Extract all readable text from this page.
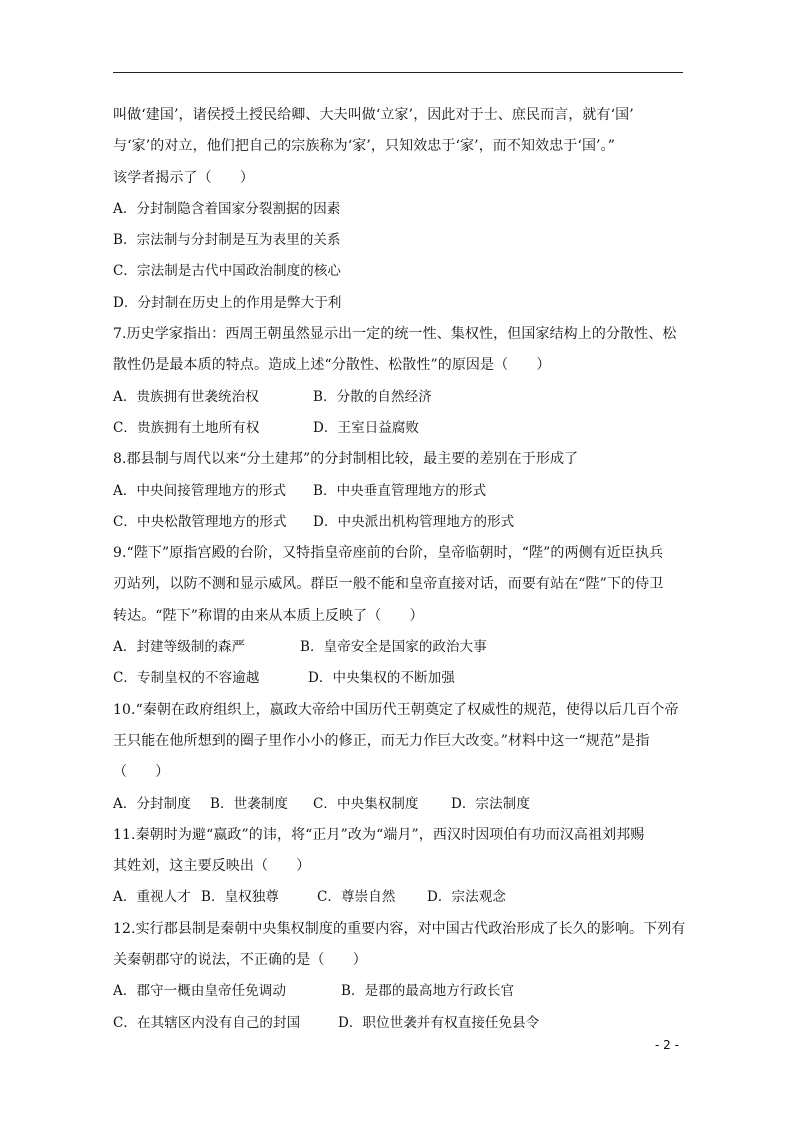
叫做‘建国’，诸侯授土授民给卿、大夫叫做‘立家’，因此对于士、庶民而言，就有‘国’
与‘家’的对立，他们把自己的宗族称为‘家’，只知效忠于‘家’，而不知效忠于‘国’。”
该学者揭示了（　　）
A．分封制隐含着国家分裂割据的因素
B．宗法制与分封制是互为表里的关系
C．宗法制是古代中国政治制度的核心
D．分封制在历史上的作用是弊大于利
7.历史学家指出：西周王朝虽然显示出一定的统一性、集权性，但国家结构上的分散性、松
散性仍是最本质的特点。造成上述“分散性、松散性”的原因是（　　）
A．贵族拥有世袭统治权	B．分散的自然经济
C．贵族拥有土地所有权	D．王室日益腐败
8.郡县制与周代以来“分土建邦”的分封制相比较，最主要的差别在于形成了
A．中央间接管理地方的形式 B．中央垂直管理地方的形式
C．中央松散管理地方的形式 D．中央派出机构管理地方的形式
9.“陛下”原指宫殿的台阶，又特指皇帝座前的台阶，皇帝临朝时，“陛”的两侧有近臣执兵
刃站列，以防不测和显示威风。群臣一般不能和皇帝直接对话，而要有站在“陛”下的侍卫
转达。“陛下”称谓的由来从本质上反映了（　　）
A．封建等级制的森严	B．皇帝安全是国家的政治大事
C．专制皇权的不容逾越	D．中央集权的不断加强
10.“秦朝在政府组织上，嬴政大帝给中国历代王朝奠定了权威性的规范，使得以后几百个帝
王只能在他所想到的圈子里作小小的修正，而无力作巨大改变。”材料中这一“规范”是指
（　　）
A．分封制度 B．世袭制度 C．中央集权制度 D．宗法制度
11.秦朝时为避“嬴政”的讳，将“正月”改为“端月”，西汉时因项伯有功而汉高祖刘邦赐
其姓刘，这主要反映出（　　）
A．重视人才 B．皇权独尊	C．尊崇自然 D．宗法观念
12.实行郡县制是秦朝中央集权制度的重要内容，对中国古代政治形成了长久的影响。下列有
关秦朝郡守的说法，不正确的是（　　）
A．郡守一概由皇帝任免调动	B．是郡的最高地方行政长官
C．在其辖区内没有自己的封国	D．职位世袭并有权直接任免县令
- 2 -
